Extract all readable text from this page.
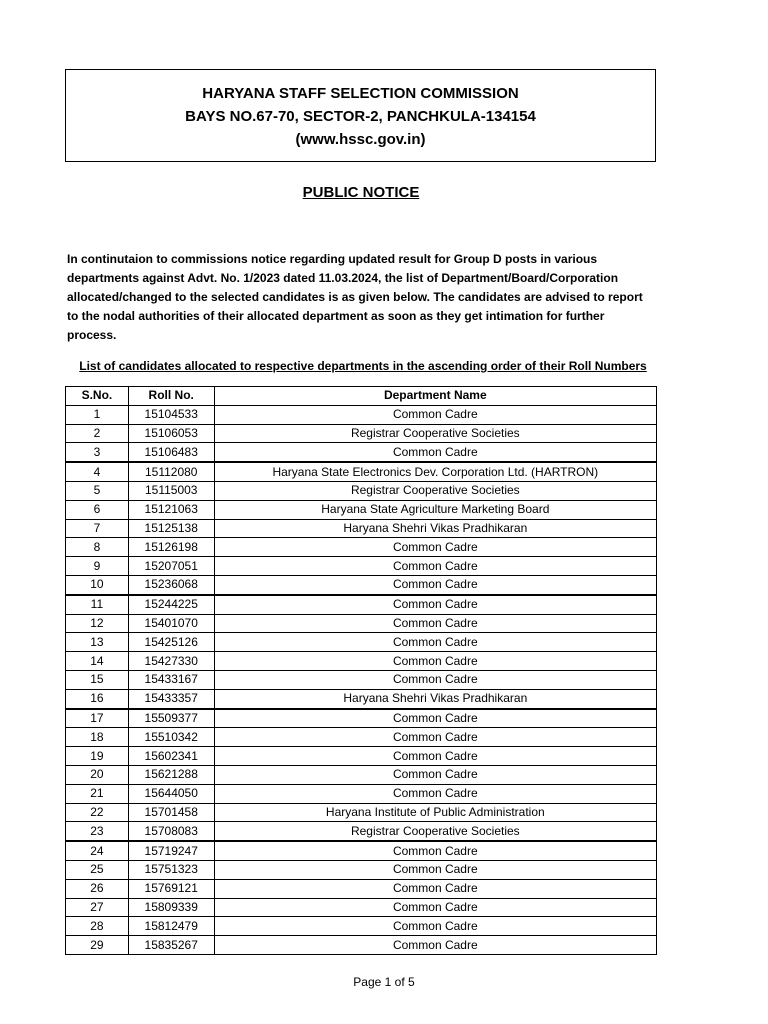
HARYANA STAFF SELECTION COMMISSION
BAYS NO.67-70, SECTOR-2, PANCHKULA-134154
(www.hssc.gov.in)
PUBLIC NOTICE
In continutaion to commissions notice regarding updated result for Group D posts in various
departments against Advt. No. 1/2023 dated 11.03.2024, the list of Department/Board/Corporation
allocated/changed to the selected candidates is as given below. The candidates are advised to report
to the nodal authorities of their allocated department as soon as they get intimation for further
process.
List of candidates allocated to respective departments in the ascending order of their Roll Numbers
S.No.	Roll No.	Department Name
1	15104533	Common Cadre
2	15106053	Registrar Cooperative Societies
3	15106483	Common Cadre
4	15112080	Haryana State Electronics Dev. Corporation Ltd. (HARTRON)
5	15115003	Registrar Cooperative Societies
6	15121063	Haryana State Agriculture Marketing Board
7	15125138	Haryana Shehri Vikas Pradhikaran
8	15126198	Common Cadre
9	15207051	Common Cadre
10	15236068	Common Cadre
11	15244225	Common Cadre
12	15401070	Common Cadre
13	15425126	Common Cadre
14	15427330	Common Cadre
15	15433167	Common Cadre
16	15433357	Haryana Shehri Vikas Pradhikaran
17	15509377	Common Cadre
18	15510342	Common Cadre
19	15602341	Common Cadre
20	15621288	Common Cadre
21	15644050	Common Cadre
22	15701458	Haryana Institute of Public Administration
23	15708083	Registrar Cooperative Societies
24	15719247	Common Cadre
25	15751323	Common Cadre
26	15769121	Common Cadre
27	15809339	Common Cadre
28	15812479	Common Cadre
29	15835267	Common Cadre
Page 1 of 5
